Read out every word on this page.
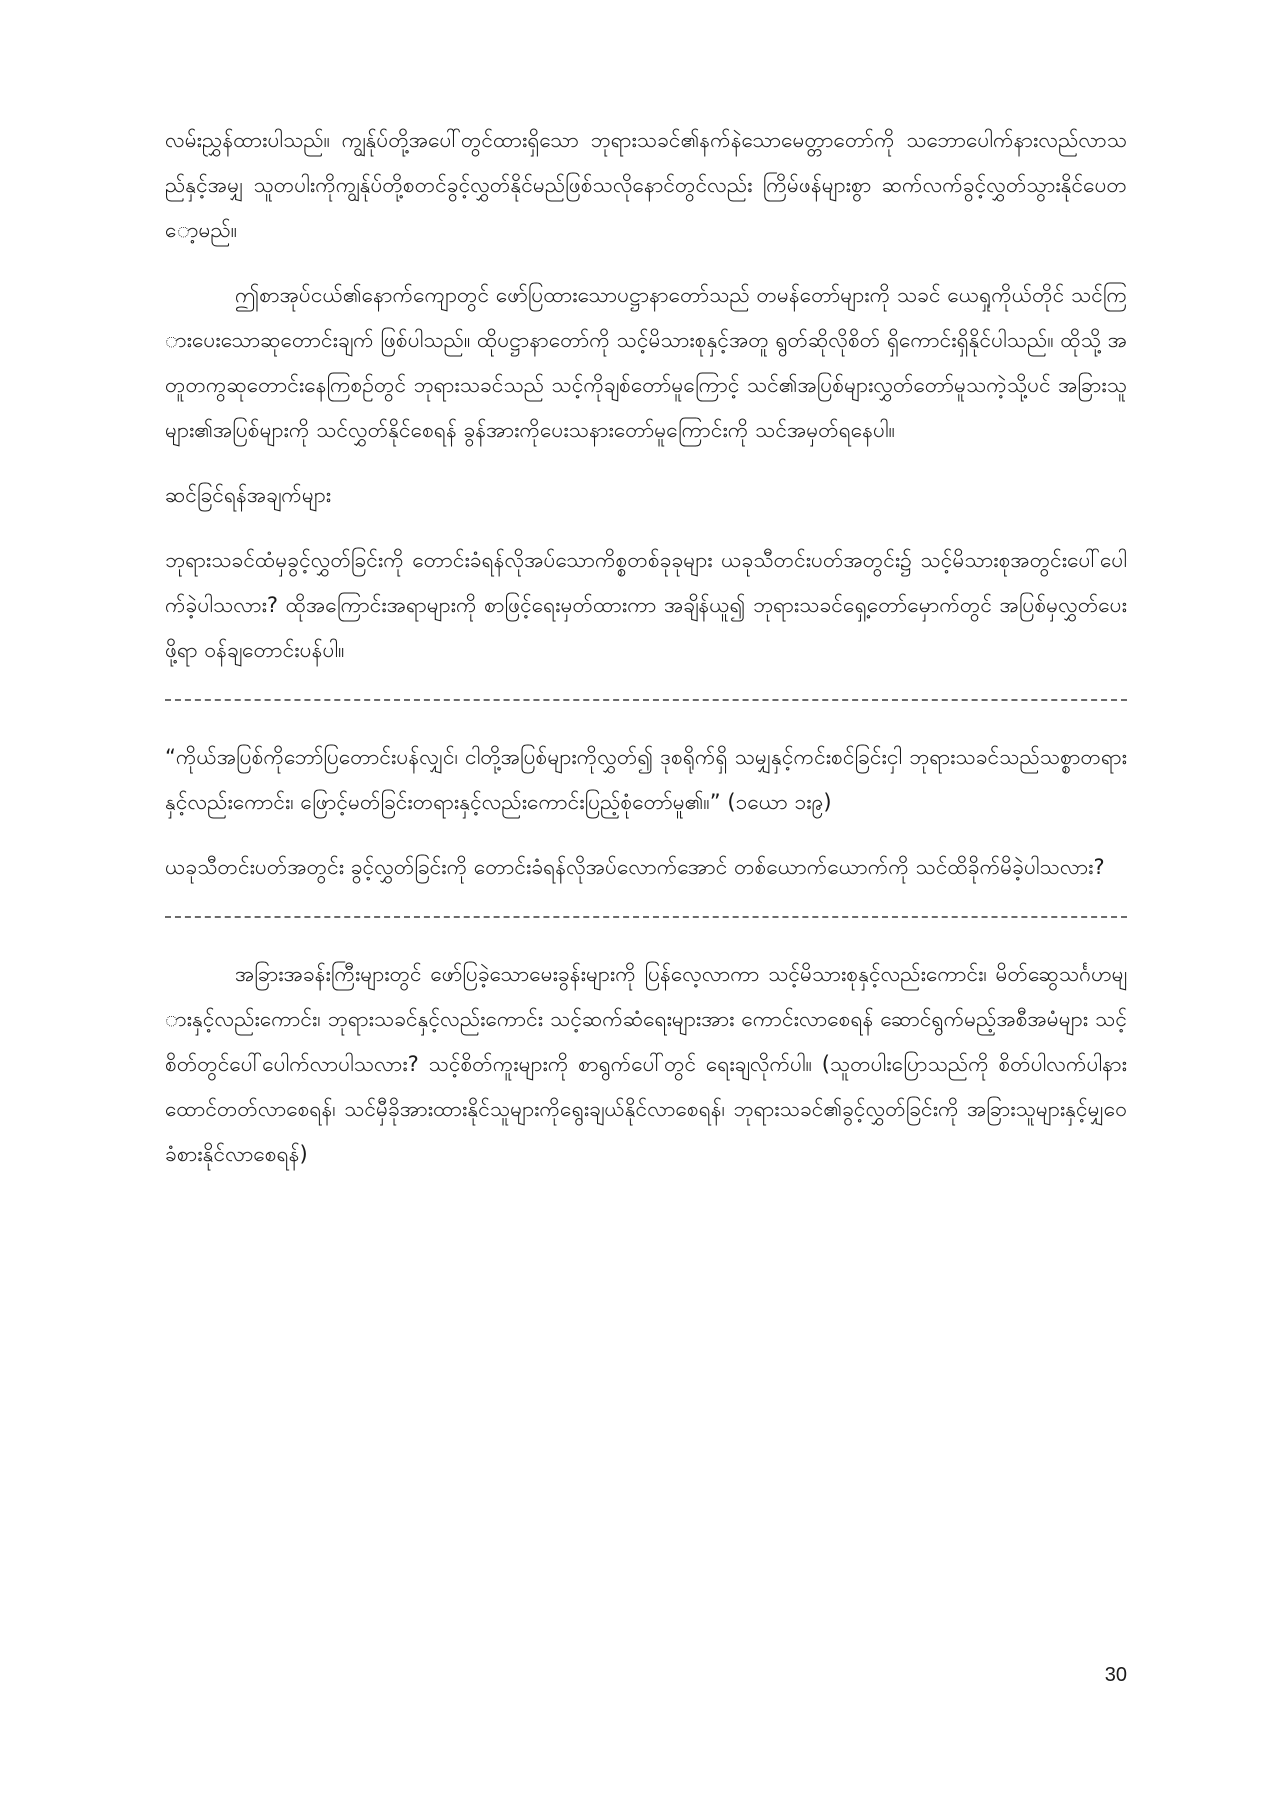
လမ်းညွှန်ထားပါသည်။ ကျွန်ုပ်တို့အပေါ်တွင်ထားရှိသော ဘုရားသခင်၏နက်နဲသောမေတ္တာတော်ကို သဘောပေါက်နားလည်လာသည်နှင့်အမျှ သူတပါးကိုကျွန်ုပ်တို့စတင်ခွင့်လွှတ်နိုင်မည်ဖြစ်သလိုနောင်တွင်လည်း ကြိမ်ဖန်များစွာ ဆက်လက်ခွင့်လွှတ်သွားနိုင်ပေတော့မည်။

ဤစာအုပ်ငယ်၏နောက်ကျောတွင် ဖော်ပြထားသောပဋ္ဌာနာတော်သည် တမန်တော်များကို သခင် ယေရှုကိုယ်တိုင် သင်ကြားပေးသောဆုတောင်းချက် ဖြစ်ပါသည်။ ထိုပဋ္ဌာနာတော်ကို သင့်မိသားစုနှင့်အတူ ရွတ်ဆိုလိုစိတ် ရှိကောင်းရှိနိုင်ပါသည်။ ထိုသို့ အတူတကွဆုတောင်းနေကြစဉ်တွင် ဘုရားသခင်သည် သင့်ကိုချစ်တော်မူကြောင့် သင်၏အပြစ်များလွှတ်တော်မူသကဲ့သို့ပင် အခြားသူများ၏အပြစ်များကို သင်လွှတ်နိုင်စေရန် ခွန်အားကိုပေးသနားတော်မူကြောင်းကို သင်အမှတ်ရနေပါ။

ဆင်ခြင်ရန်အချက်များ

ဘုရားသခင်ထံမှခွင့်လွှတ်ခြင်းကို တောင်းခံရန်လိုအပ်သောကိစ္စတစ်ခုခုများ ယခုသီတင်းပတ်အတွင်း၌ သင့်မိသားစုအတွင်းပေါ်ပေါက်ခဲ့ပါသလား? ထိုအကြောင်းအရာများကို စာဖြင့်ရေးမှတ်ထားကာ အချိန်ယူ၍ ဘုရားသခင်ရှေ့တော်မှောက်တွင် အပြစ်မှလွှတ်ပေးဖို့ရာ ဝန်ချတောင်းပန်ပါ။

“ကိုယ်အပြစ်ကိုဘော်ပြတောင်းပန်လျှင်၊ ငါတို့အပြစ်များကိုလွှတ်၍ ဒုစရိုက်ရှိ သမျှနှင့်ကင်းစင်ခြင်းငှါ ဘုရားသခင်သည်သစ္စာတရားနှင့်လည်းကောင်း၊ ဖြောင့်မတ်ခြင်းတရားနှင့်လည်းကောင်းပြည့်စုံတော်မူ၏။” (၁ယော ၁း၉)

ယခုသီတင်းပတ်အတွင်း ခွင့်လွှတ်ခြင်းကို တောင်းခံရန်လိုအပ်လောက်အောင် တစ်ယောက်ယောက်ကို သင်ထိခိုက်မိခဲ့ပါသလား?

အခြားအခန်းကြီးများတွင် ဖော်ပြခဲ့သောမေးခွန်းများကို ပြန်လေ့လာကာ သင့်မိသားစုနှင့်လည်းကောင်း၊ မိတ်ဆွေသင်္ဂဟများနှင့်လည်းကောင်း၊ ဘုရားသခင်နှင့်လည်းကောင်း သင့်ဆက်ဆံရေးများအား ကောင်းလာစေရန် ဆောင်ရွက်မည့်အစီအမံများ သင့်စိတ်တွင်ပေါ်ပေါက်လာပါသလား? သင့်စိတ်ကူးများကို စာရွက်ပေါ်တွင် ရေးချလိုက်ပါ။ (သူတပါးပြောသည်ကို စိတ်ပါလက်ပါနားထောင်တတ်လာစေရန်၊ သင်မှီခိုအားထားနိုင်သူများကိုရွေးချယ်နိုင်လာစေရန်၊ ဘုရားသခင်၏ခွင့်လွှတ်ခြင်းကို အခြားသူများနှင့်မျှဝေခံစားနိုင်လာစေရန်)

30
